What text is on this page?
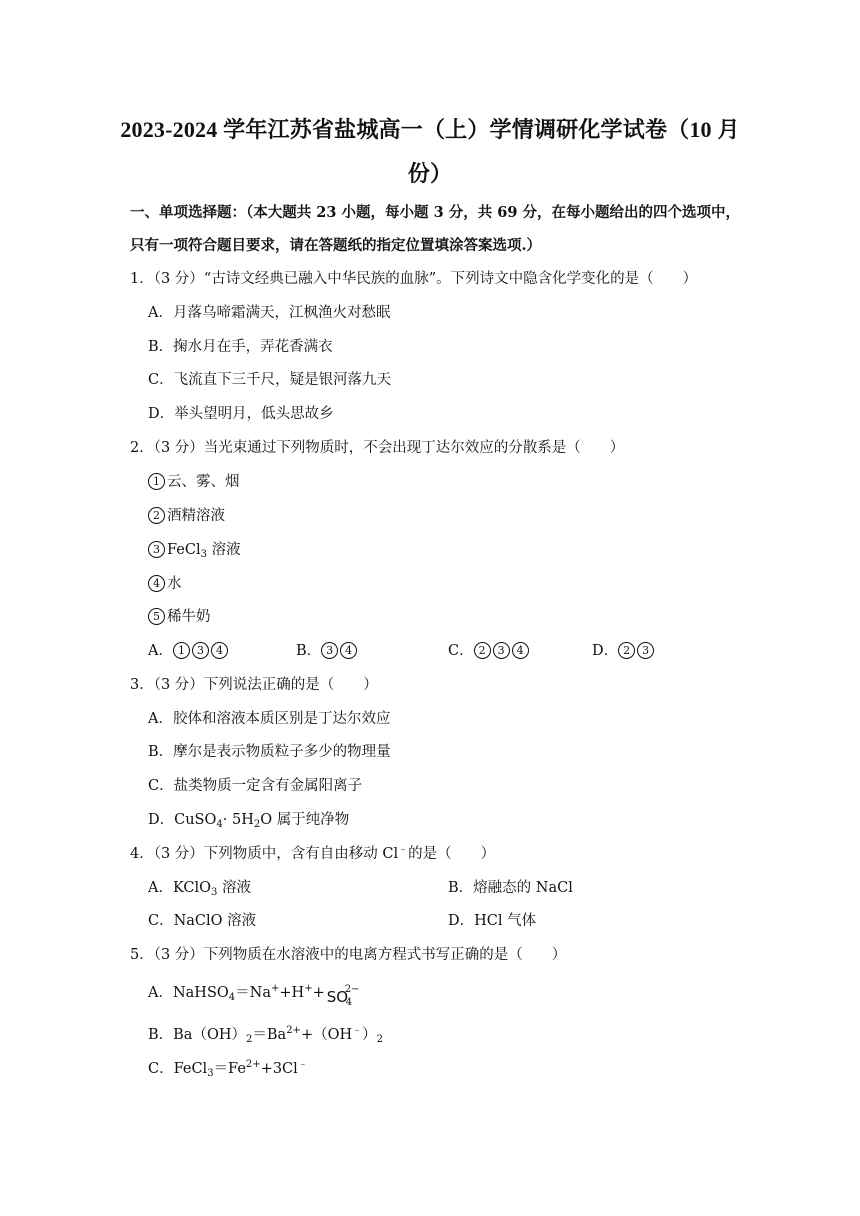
2023-2024 学年江苏省盐城高一（上）学情调研化学试卷（10 月
份）
一、单项选择题：（本大题共 23 小题，每小题 3 分，共 69 分，在每小题给出的四个选项中，
只有一项符合题目要求，请在答题纸的指定位置填涂答案选项.）
1．（3 分）“古诗文经典已融入中华民族的血脉”。下列诗文中隐含化学变化的是（　　）
A．月落乌啼霜满天，江枫渔火对愁眠
B．掬水月在手，弄花香满衣
C．飞流直下三千尺，疑是银河落九天
D．举头望明月，低头思故乡
2．（3 分）当光束通过下列物质时，不会出现丁达尔效应的分散系是（　　）
1 云、雾、烟
2 酒精溶液
3 FeCl$_3$ 溶液
4 水
5 稀牛奶
A． 1 3 4	B． 3 4	C． 2 3 4	D． 2 3
3．（3 分）下列说法正确的是（　　）
A．胶体和溶液本质区别是丁达尔效应
B．摩尔是表示物质粒子多少的物理量
C．盐类物质一定含有金属阳离子
D．CuSO$_4$· $5H_2O$ 属于纯净物
4．（3 分）下列物质中，含有自由移动 Cl﹣的是（　　）
A．KClO$_3$ 溶液	B．熔融态的 NaCl
C．NaClO 溶液	D．HCl 气体
5．（3 分）下列物质在水溶液中的电离方程式书写正确的是（　　）
A．NaHSO$_4$＝Na++H++ SO
2−
4
B．$Ba(OH)_2=Ba^{2+}+(OH^﹣)_2$
C．$FeCl_3=Fe^{2+}+3Cl^﹣$
